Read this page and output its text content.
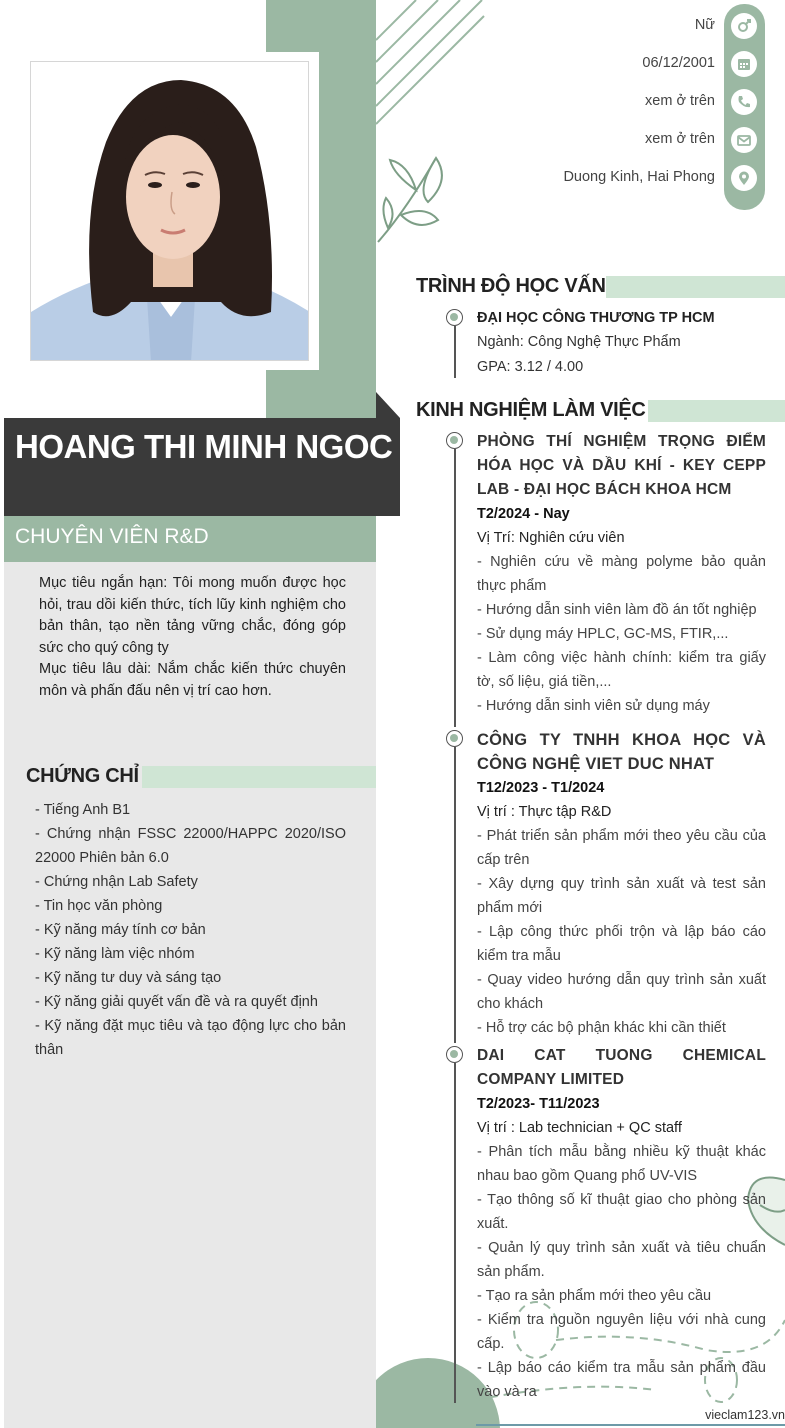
HOANG THI MINH NGOC
CHUYÊN VIÊN R&D
Mục tiêu ngắn hạn: Tôi mong muốn được học hỏi, trau dồi kiến thức, tích lũy kinh nghiệm cho bản thân, tạo nền tảng vững chắc, đóng góp sức cho quý công ty
Mục tiêu lâu dài: Nắm chắc kiến thức chuyên môn và phấn đấu nên vị trí cao hơn.
CHỨNG CHỈ
- Tiếng Anh B1
- Chứng nhận FSSC 22000/HAPPC 2020/ISO 22000 Phiên bản 6.0
- Chứng nhận Lab Safety
- Tin học văn phòng
- Kỹ năng máy tính cơ bản
- Kỹ năng làm việc nhóm
- Kỹ năng tư duy và sáng tạo
- Kỹ năng giải quyết vấn đề và ra quyết định
- Kỹ năng đặt mục tiêu và tạo động lực cho bản thân
Nữ
06/12/2001
xem ở trên
xem ở trên
Duong Kinh, Hai Phong
TRÌNH ĐỘ HỌC VẤN
ĐẠI HỌC CÔNG THƯƠNG TP HCM
Ngành: Công Nghệ Thực Phẩm
GPA: 3.12 / 4.00
KINH NGHIỆM LÀM VIỆC
PHÒNG THÍ NGHIỆM TRỌNG ĐIỂM HÓA HỌC VÀ DẦU KHÍ - KEY CEPP LAB - ĐẠI HỌC BÁCH KHOA HCM
T2/2024 - Nay
Vị Trí: Nghiên cứu viên
- Nghiên cứu về màng polyme bảo quản thực phẩm
- Hướng dẫn sinh viên làm đồ án tốt nghiệp
- Sử dụng máy HPLC, GC-MS, FTIR,...
- Làm công việc hành chính: kiểm tra giấy tờ, số liệu, giá tiền,...
- Hướng dẫn sinh viên sử dụng máy
CÔNG TY TNHH KHOA HỌC VÀ CÔNG NGHỆ VIET DUC NHAT
T12/2023 - T1/2024
Vị trí : Thực tập R&D
- Phát triển sản phẩm mới theo yêu cầu của cấp trên
- Xây dựng quy trình sản xuất và test sản phẩm mới
- Lập công thức phối trộn và lập báo cáo kiểm tra mẫu
- Quay video hướng dẫn quy trình sản xuất cho khách
- Hỗ trợ các bộ phận khác khi cần thiết
DAI CAT TUONG CHEMICAL COMPANY LIMITED
T2/2023- T11/2023
Vị trí : Lab technician + QC staff
- Phân tích mẫu bằng nhiều kỹ thuật khác nhau bao gồm Quang phổ UV-VIS
- Tạo thông số kĩ thuật giao cho phòng sản xuất.
- Quản lý quy trình sản xuất và tiêu chuẩn sản phẩm.
- Tạo ra sản phẩm mới theo yêu cầu
- Kiểm tra nguồn nguyên liệu với nhà cung cấp.
- Lập báo cáo kiểm tra mẫu sản phẩm đầu vào và ra
vieclam123.vn
